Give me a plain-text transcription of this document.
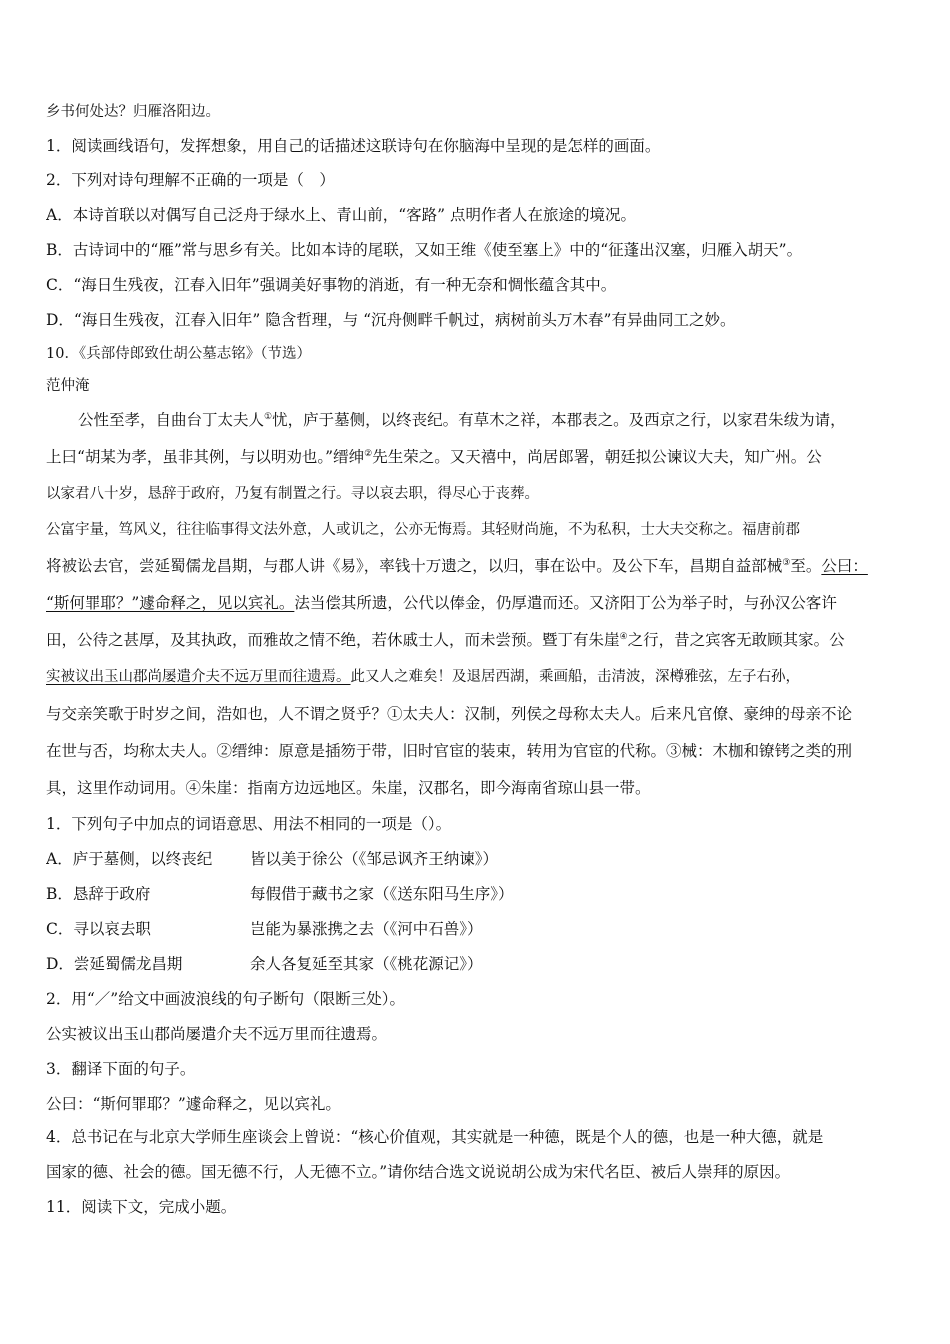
乡书何处达？归雁洛阳边。
1．阅读画线语句，发挥想象，用自己的话描述这联诗句在你脑海中呈现的是怎样的画面。
2．下列对诗句理解不正确的一项是（　）
A．本诗首联以对偶写自己泛舟于绿水上、青山前，“客路” 点明作者人在旅途的境况。
B．古诗词中的“雁”常与思乡有关。比如本诗的尾联，又如王维《使至塞上》中的“征蓬出汉塞，归雁入胡天”。
C．“海日生残夜，江春入旧年”强调美好事物的消逝，有一种无奈和惆怅蕴含其中。
D．“海日生残夜，江春入旧年” 隐含哲理，与 “沉舟侧畔千帆过，病树前头万木春”有异曲同工之妙。
10．《兵部侍郎致仕胡公墓志铭》（节选）
范仲淹
公性至孝，自曲台丁太夫人①忧，庐于墓侧，以终丧纪。有草木之祥，本郡表之。及西京之行，以家君朱绂为请，
上曰“胡某为孝，虽非其例，与以明劝也。”缙绅②先生荣之。又天禧中，尚居郎署，朝廷拟公谏议大夫，知广州。公
以家君八十岁，恳辞于政府，乃复有制置之行。寻以哀去职，得尽心于丧葬。
公富宇量，笃风义，往往临事得文法外意，人或讥之，公亦无悔焉。其轻财尚施，不为私积，士大夫交称之。福唐前郡
将被讼去官，尝延蜀儒龙昌期，与郡人讲《易》，率钱十万遗之，以归，事在讼中。及公下车，昌期自益部械③至。公曰：
“斯何罪耶？”遽命释之，见以宾礼。法当偿其所遗，公代以俸金，仍厚遣而还。又济阳丁公为举子时，与孙汉公客许
田，公待之甚厚，及其执政，而雅故之情不绝，若休戚士人，而未尝预。暨丁有朱崖④之行，昔之宾客无敢顾其家。公
实被议出玉山郡尚屡遣介夫不远万里而往遗焉。此又人之难矣！及退居西湖，乘画船，击清波，深樽雅弦，左子右孙，
与交亲笑歌于时岁之间，浩如也，人不谓之贤乎？①太夫人：汉制，列侯之母称太夫人。后来凡官僚、豪绅的母亲不论
在世与否，均称太夫人。②缙绅：原意是插笏于带，旧时官宦的装束，转用为官宦的代称。③械：木枷和镣铐之类的刑
具，这里作动词用。④朱崖：指南方边远地区。朱崖，汉郡名，即今海南省琼山县一带。
1．下列句子中加点的词语意思、用法不相同的一项是（）。
A．庐于墓侧，以终丧纪 皆以美于徐公（《邹忌讽齐王纳谏》）
B．恳辞于政府	每假借于藏书之家（《送东阳马生序》）
C．寻以哀去职	岂能为暴涨携之去（《河中石兽》）
D．尝延蜀儒龙昌期	余人各复延至其家（《桃花源记》）
2．用“／”给文中画波浪线的句子断句（限断三处）。
公实被议出玉山郡尚屡遣介夫不远万里而往遗焉。
3．翻译下面的句子。
公曰：“斯何罪耶？”遽命释之，见以宾礼。
4．总书记在与北京大学师生座谈会上曾说：“核心价值观，其实就是一种德，既是个人的德，也是一种大德，就是
国家的德、社会的德。国无德不行，人无德不立。”请你结合选文说说胡公成为宋代名臣、被后人崇拜的原因。
11．阅读下文，完成小题。
